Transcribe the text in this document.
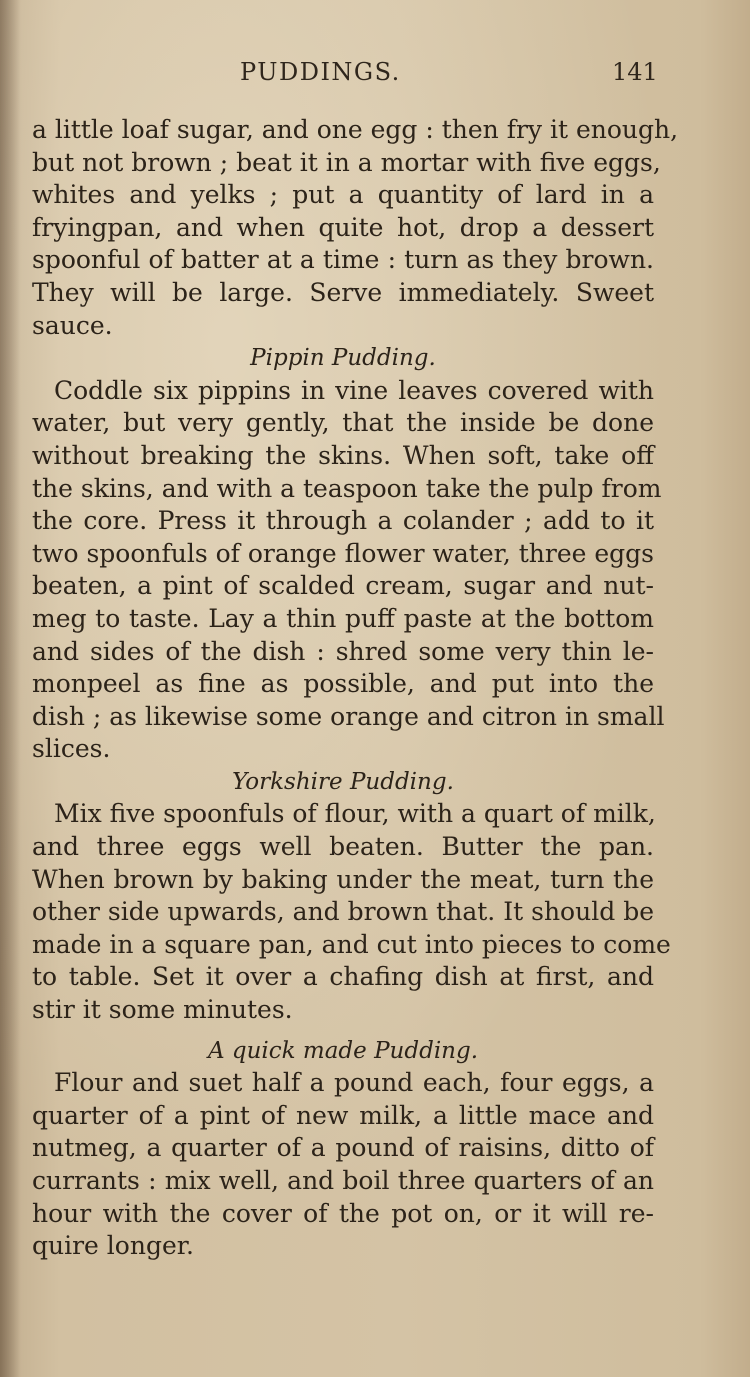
PUDDINGS.	141
a little loaf sugar, and one egg : then fry it enough,
but not brown ; beat it in a mortar with five eggs,
whites and yelks ; put a quantity of lard in a
fryingpan, and when quite hot, drop a dessert
spoonful of batter at a time : turn as they brown.
They will be large. Serve immediately. Sweet
sauce.
Pippin Pudding.
Coddle six pippins in vine leaves covered with
water, but very gently, that the inside be done
without breaking the skins. When soft, take off
the skins, and with a teaspoon take the pulp from
the core. Press it through a colander ; add to it
two spoonfuls of orange flower water, three eggs
beaten, a pint of scalded cream, sugar and nut-
meg to taste. Lay a thin puff paste at the bottom
and sides of the dish : shred some very thin le-
monpeel as fine as possible, and put into the
dish ; as likewise some orange and citron in small
slices.
Yorkshire Pudding.
Mix five spoonfuls of flour, with a quart of milk,
and three eggs well beaten. Butter the pan.
When brown by baking under the meat, turn the
other side upwards, and brown that. It should be
made in a square pan, and cut into pieces to come
to table. Set it over a chafing dish at first, and
stir it some minutes.
A quick made Pudding.
Flour and suet half a pound each, four eggs, a
quarter of a pint of new milk, a little mace and
nutmeg, a quarter of a pound of raisins, ditto of
currants : mix well, and boil three quarters of an
hour with the cover of the pot on, or it will re-
quire longer.
